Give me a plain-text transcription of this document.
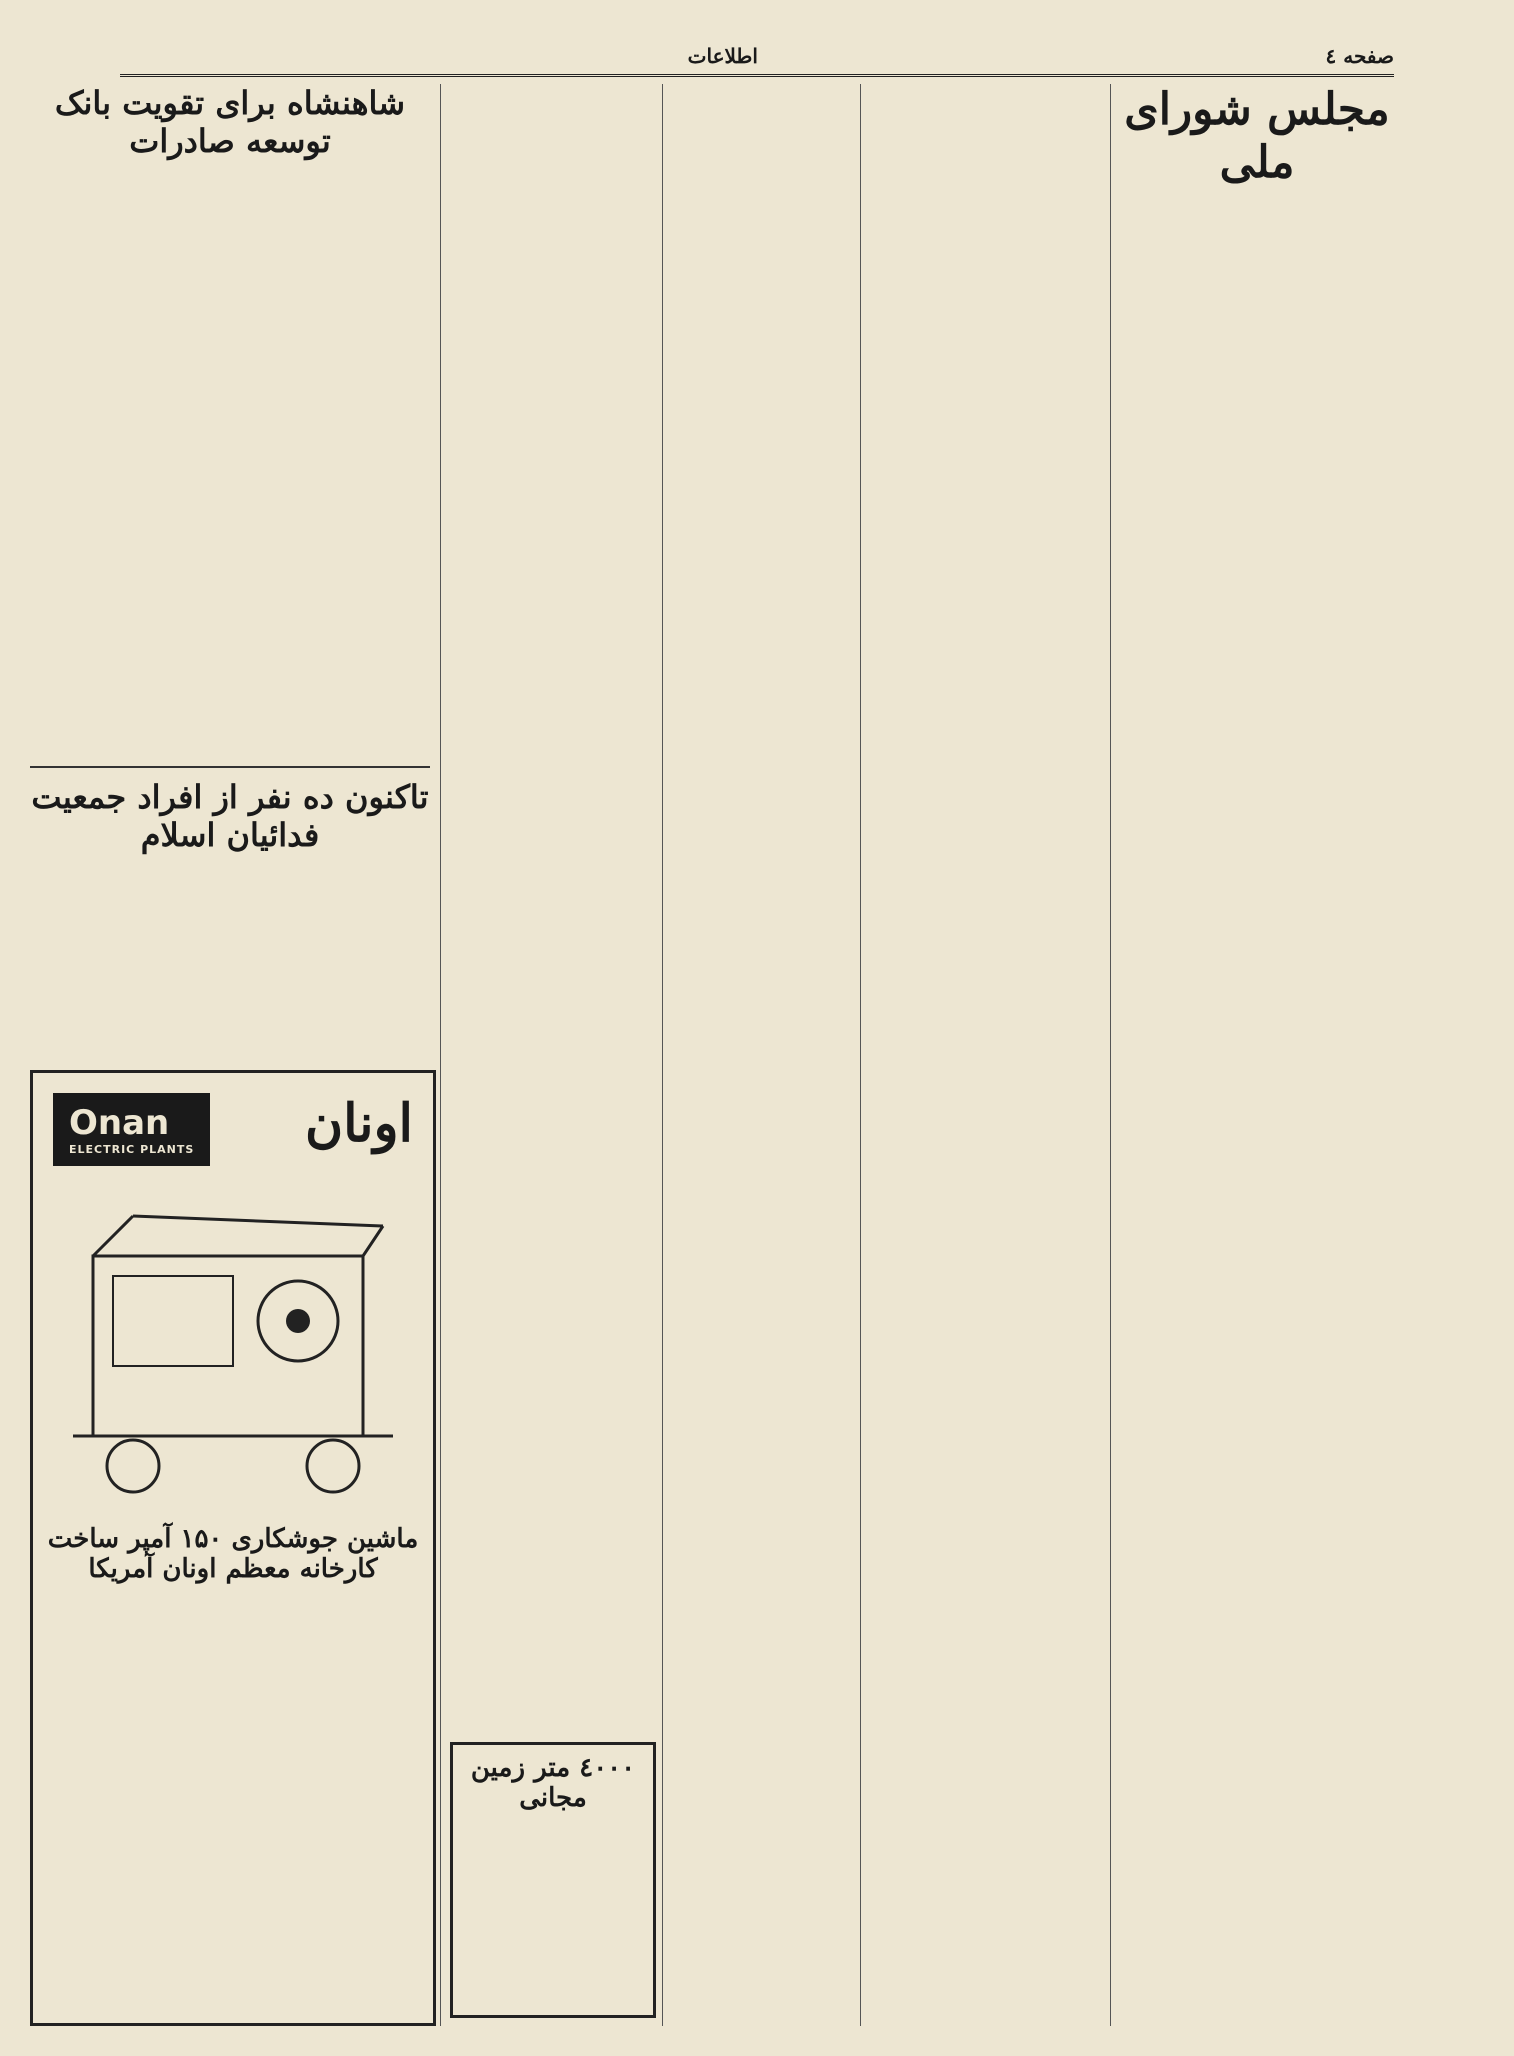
صفحه ٤
اطلاعات
مجلس شورای ملی
شاهنشاه برای تقویت بانک توسعه صادرات
تاکنون ده نفر از افراد جمعیت فدائیان اسلام
٤٠٠٠ متر زمین مجانی
اونان
Onan
ELECTRIC PLANTS
ماشین جوشکاری ۱۵۰ آمپر ساخت کارخانه معظم اونان آمریکا
